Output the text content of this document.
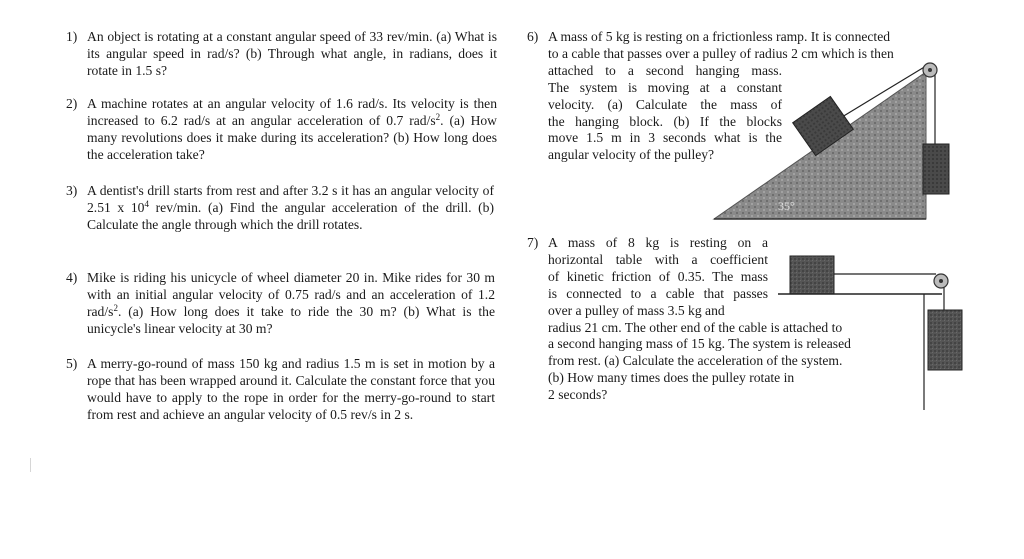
1) An object is rotating at a constant angular speed of 33 rev/min. (a) What is its angular speed in rad/s? (b) Through what angle, in radians, does it rotate in 1.5 s?
2) A machine rotates at an angular velocity of 1.6 rad/s. Its velocity is then increased to 6.2 rad/s at an angular acceleration of 0.7 rad/$s^2$. (a) How many revolutions does it make during its acceleration? (b) How long does the acceleration take?
3) A dentist's drill starts from rest and after 3.2 s it has an angular velocity of 2.51 x $10^4$ rev/min. (a) Find the angular acceleration of the drill. (b) Calculate the angle through which the drill rotates.
4) Mike is riding his unicycle of wheel diameter 20 in. Mike rides for 30 m with an initial angular velocity of 0.75 rad/s and an acceleration of 1.2 rad/$s^2$. (a) How long does it take to ride the 30 m? (b) What is the unicycle's linear velocity at 30 m?
5) A merry-go-round of mass 150 kg and radius 1.5 m is set in motion by a rope that has been wrapped around it. Calculate the constant force that you would have to apply to the rope in order for the merry-go-round to start from rest and achieve an angular velocity of 0.5 rev/s in 2 s.
6) A mass of 5 kg is resting on a frictionless ramp. It is connected
to a cable that passes over a pulley of radius 2 cm which is then
attached to a second hanging mass.
The system is moving at a constant
velocity. (a) Calculate the mass of
the hanging block. (b) If the blocks
move 1.5 m in 3 seconds what is the
angular velocity of the pulley?
35°
7) A mass of 8 kg is resting on a
horizontal table with a coefficient
of kinetic friction of 0.35. The mass
is connected to a cable that passes
over a pulley of mass 3.5 kg and
radius 21 cm. The other end of the cable is attached to
a second hanging mass of 15 kg. The system is released
from rest. (a) Calculate the acceleration of the system.
(b) How many times does the pulley rotate in
2 seconds?
